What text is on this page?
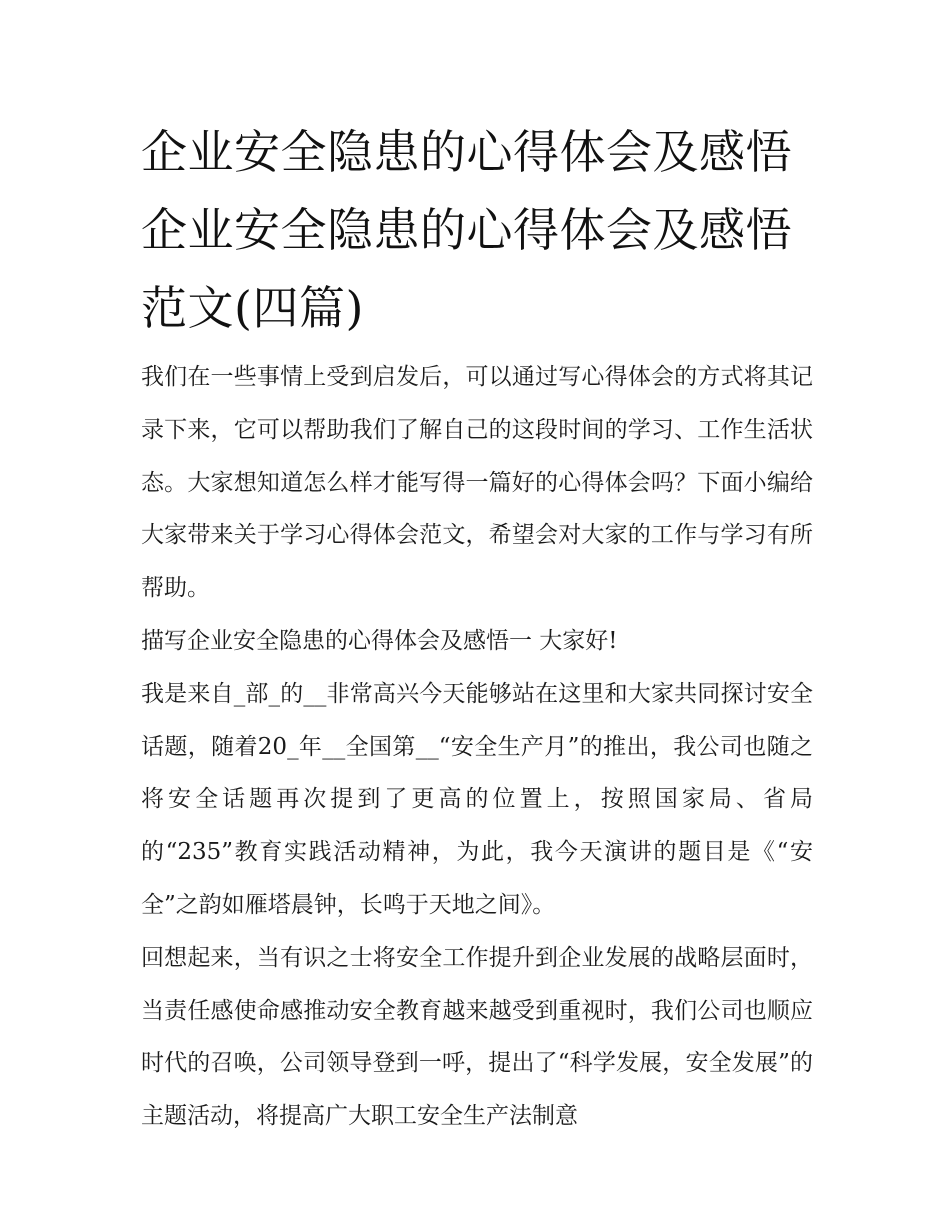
企业安全隐患的心得体会及感悟 企业安全隐患的心得体会及感悟范文(四篇)

我们在一些事情上受到启发后，可以通过写心得体会的方式将其记录下来，它可以帮助我们了解自己的这段时间的学习、工作生活状态。大家想知道怎么样才能写得一篇好的心得体会吗？下面小编给大家带来关于学习心得体会范文，希望会对大家的工作与学习有所帮助。

描写企业安全隐患的心得体会及感悟一 大家好!

我是来自_部_的__非常高兴今天能够站在这里和大家共同探讨安全话题，随着20_年__全国第__“安全生产月”的推出，我公司也随之将安全话题再次提到了更高的位置上，按照国家局、省局的“235”教育实践活动精神，为此，我今天演讲的题目是《“安全”之韵如雁塔晨钟，长鸣于天地之间》。

回想起来，当有识之士将安全工作提升到企业发展的战略层面时，当责任感使命感推动安全教育越来越受到重视时，我们公司也顺应时代的召唤，公司领导登到一呼，提出了“科学发展，安全发展”的主题活动，将提高广大职工安全生产法制意
